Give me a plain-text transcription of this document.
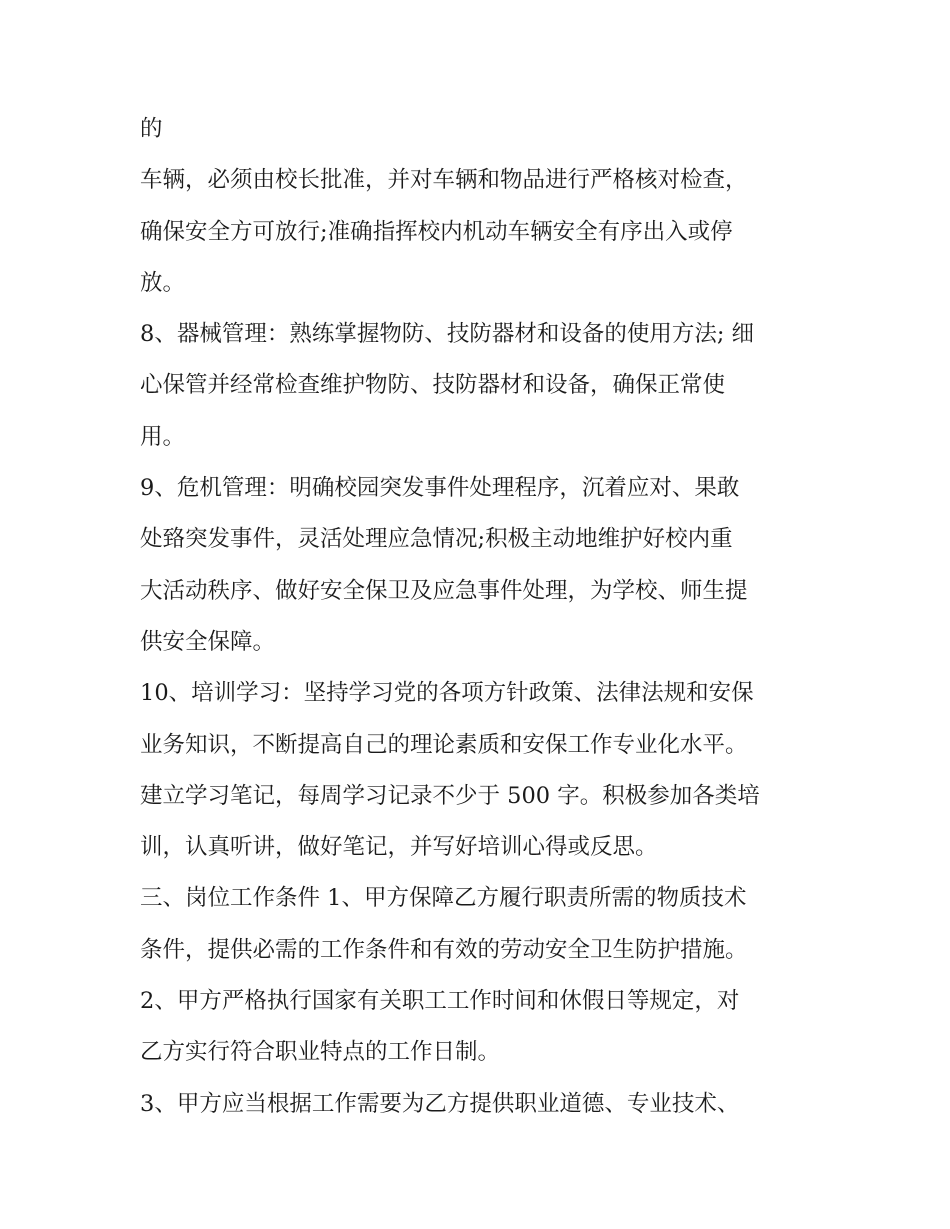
的
车辆，必须由校长批准，并对车辆和物品进行严格核对检查，
确保安全方可放行;准确指挥校内机动车辆安全有序出入或停
放。
8、器械管理：熟练掌握物防、技防器材和设备的使用方法; 细
心保管并经常检查维护物防、技防器材和设备，确保正常使
用。
9、危机管理：明确校园突发事件处理程序，沉着应对、果敢
处臵突发事件，灵活处理应急情况;积极主动地维护好校内重
大活动秩序、做好安全保卫及应急事件处理，为学校、师生提
供安全保障。
10、培训学习：坚持学习党的各项方针政策、法律法规和安保
业务知识，不断提高自己的理论素质和安保工作专业化水平。
建立学习笔记，每周学习记录不少于 500 字。积极参加各类培
训，认真听讲，做好笔记，并写好培训心得或反思。
三、岗位工作条件 1、甲方保障乙方履行职责所需的物质技术
条件，提供必需的工作条件和有效的劳动安全卫生防护措施。
2、甲方严格执行国家有关职工工作时间和休假日等规定，对
乙方实行符合职业特点的工作日制。
3、甲方应当根据工作需要为乙方提供职业道德、专业技术、
